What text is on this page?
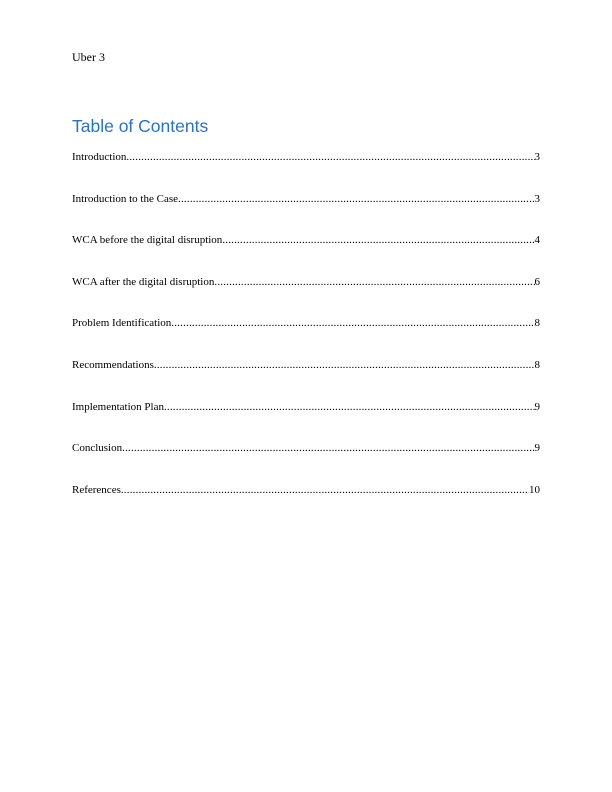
Uber 3
Table of Contents
Introduction .....	3
Introduction to the Case .....	3
WCA before the digital disruption .....	4
WCA after the digital disruption .....	6
Problem Identification .....	8
Recommendations .....	8
Implementation Plan .....	9
Conclusion .....	9
References .....	10
